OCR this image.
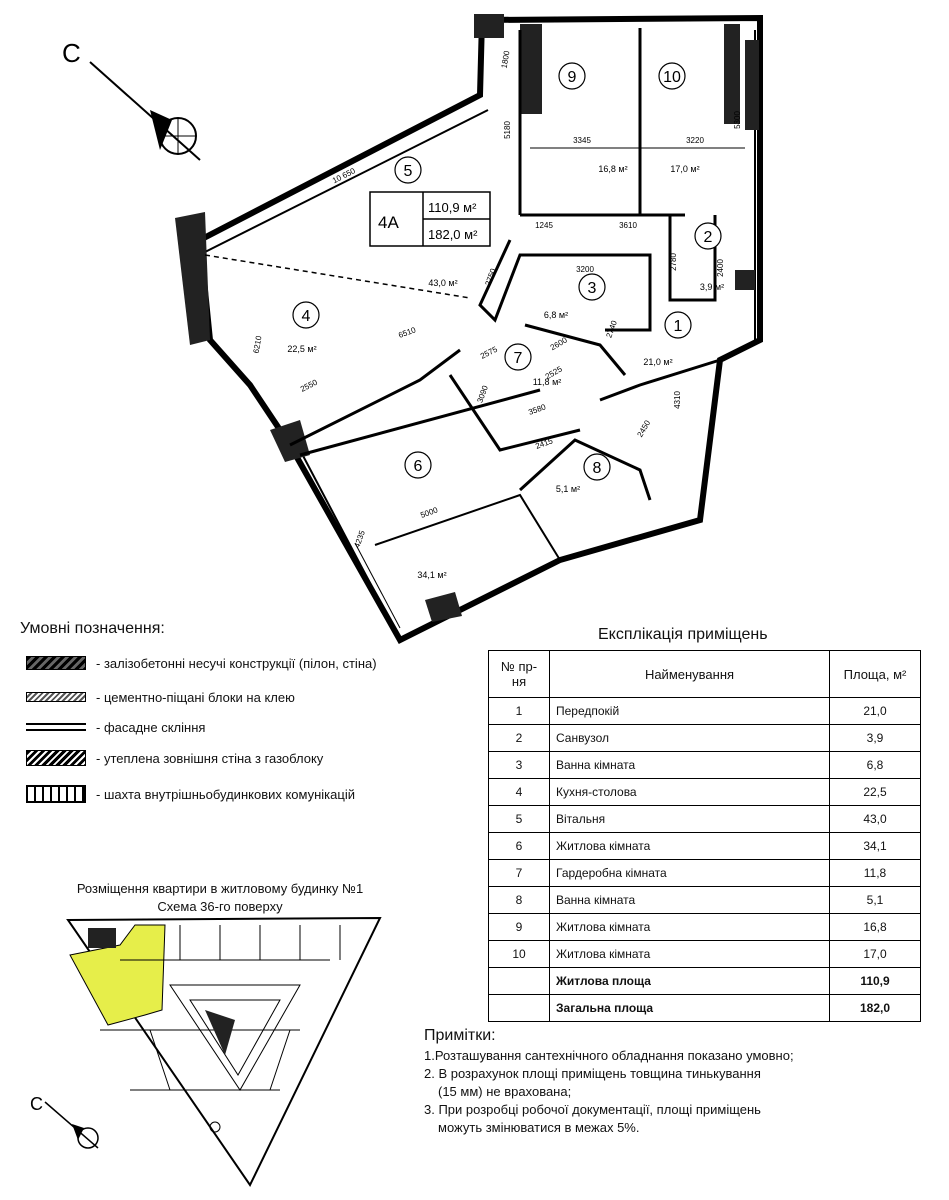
С
4A
110,9 м²
182,0 м²
1
21,0 м²
2
3,9 м²
3
6,8 м²
4
22,5 м²
5
43,0 м²
6
34,1 м²
7
11,8 м²
8
5,1 м²
9
16,8 м²
10
17,0 м²
10 650
1800
5180
3345	3220
5300
1245	3610
2780	2400
3200
2740
4310
2450
6210
2550
6510
2750
2575
2600
2525
3580
2415
5000
4235
3090
С
Умовні позначення:
- залізобетонні несучі конструкції (пілон, стіна)
- цементно-піщані блоки на клею
- фасадне скління
- утеплена зовнішня стіна з газоблоку
- шахта внутрішньобудинкових комунікацій
Експлікація приміщень
№ пр-ня	Найменування	Площа, м²
1	Передпокій	21,0
2	Санвузол	3,9
3	Ванна кімната	6,8
4	Кухня-столова	22,5
5	Вітальня	43,0
6	Житлова кімната	34,1
7	Гардеробна кімната	11,8
8	Ванна кімната	5,1
9	Житлова кімната	16,8
10	Житлова кімната	17,0
	Житлова площа	110,9
	Загальна площа	182,0
Розміщення квартири в житловому будинку №1
Схема 36-го поверху
Примітки:
1.Розташування сантехнічного обладнання показано умовно;
2. В розрахунок площі приміщень товщина тинькування
(15 мм) не врахована;
3. При розробці робочої документації, площі приміщень
можуть змінюватися в межах 5%.
